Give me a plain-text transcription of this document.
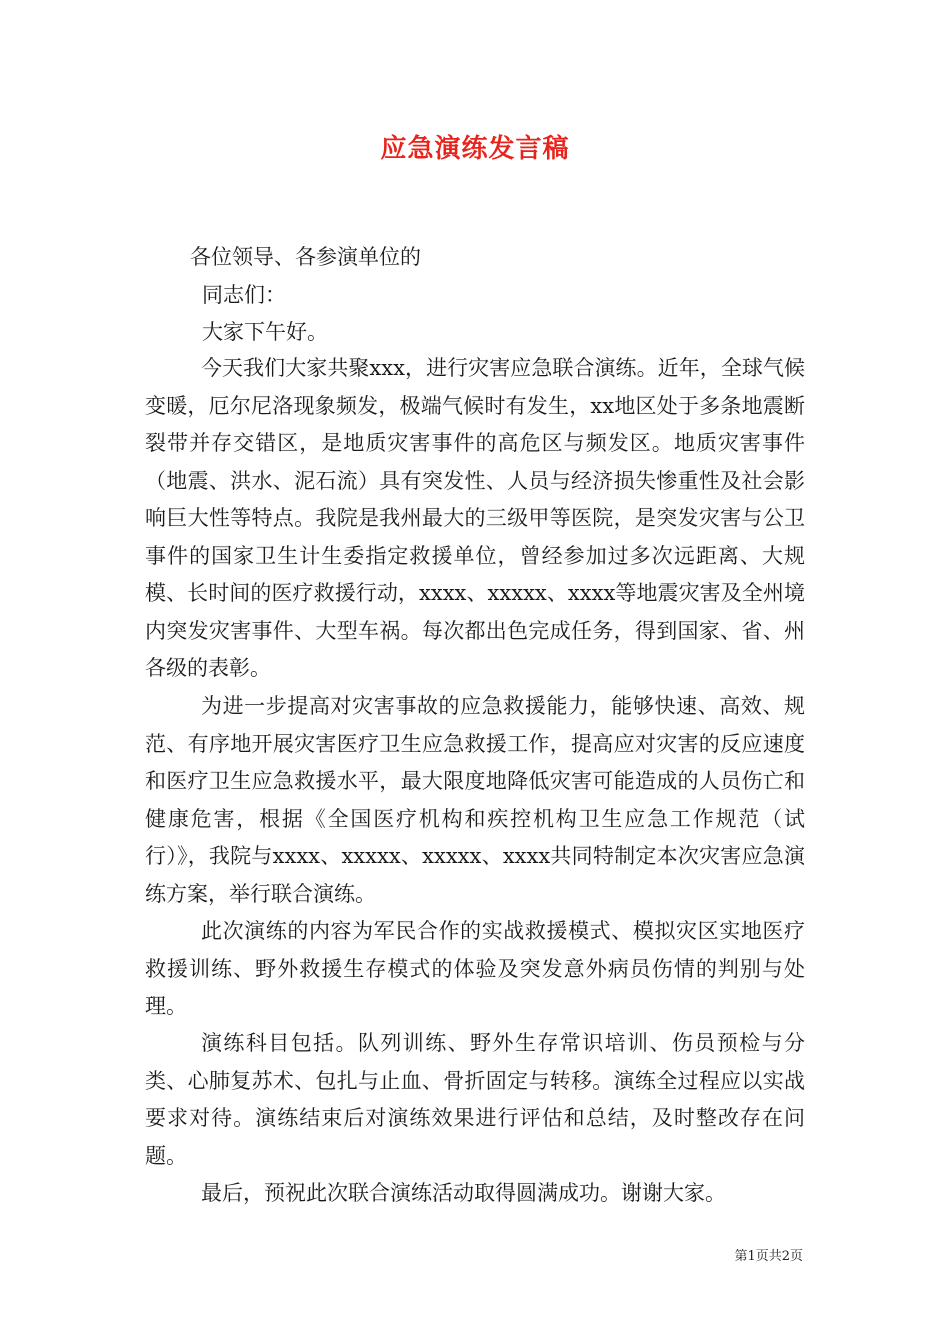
应急演练发言稿
各位领导、各参演单位的
同志们：
大家下午好。

今天我们大家共聚xxx，进行灾害应急联合演练。近年，全球气候变暖，厄尔尼洛现象频发，极端气候时有发生，xx地区处于多条地震断裂带并存交错区，是地质灾害事件的高危区与频发区。地质灾害事件（地震、洪水、泥石流）具有突发性、人员与经济损失惨重性及社会影响巨大性等特点。我院是我州最大的三级甲等医院，是突发灾害与公卫事件的国家卫生计生委指定救援单位，曾经参加过多次远距离、大规模、长时间的医疗救援行动，xxxx、xxxxx、xxxx等地震灾害及全州境内突发灾害事件、大型车祸。每次都出色完成任务，得到国家、省、州各级的表彰。

为进一步提高对灾害事故的应急救援能力，能够快速、高效、规范、有序地开展灾害医疗卫生应急救援工作，提高应对灾害的反应速度和医疗卫生应急救援水平，最大限度地降低灾害可能造成的人员伤亡和健康危害，根据《全国医疗机构和疾控机构卫生应急工作规范（试行）》，我院与xxxx、xxxxx、xxxxx、xxxx共同特制定本次灾害应急演练方案，举行联合演练。

此次演练的内容为军民合作的实战救援模式、模拟灾区实地医疗救援训练、野外救援生存模式的体验及突发意外病员伤情的判别与处理。

演练科目包括。队列训练、野外生存常识培训、伤员预检与分类、心肺复苏术、包扎与止血、骨折固定与转移。演练全过程应以实战要求对待。演练结束后对演练效果进行评估和总结，及时整改存在问题。

最后，预祝此次联合演练活动取得圆满成功。谢谢大家。

第1页共2页
